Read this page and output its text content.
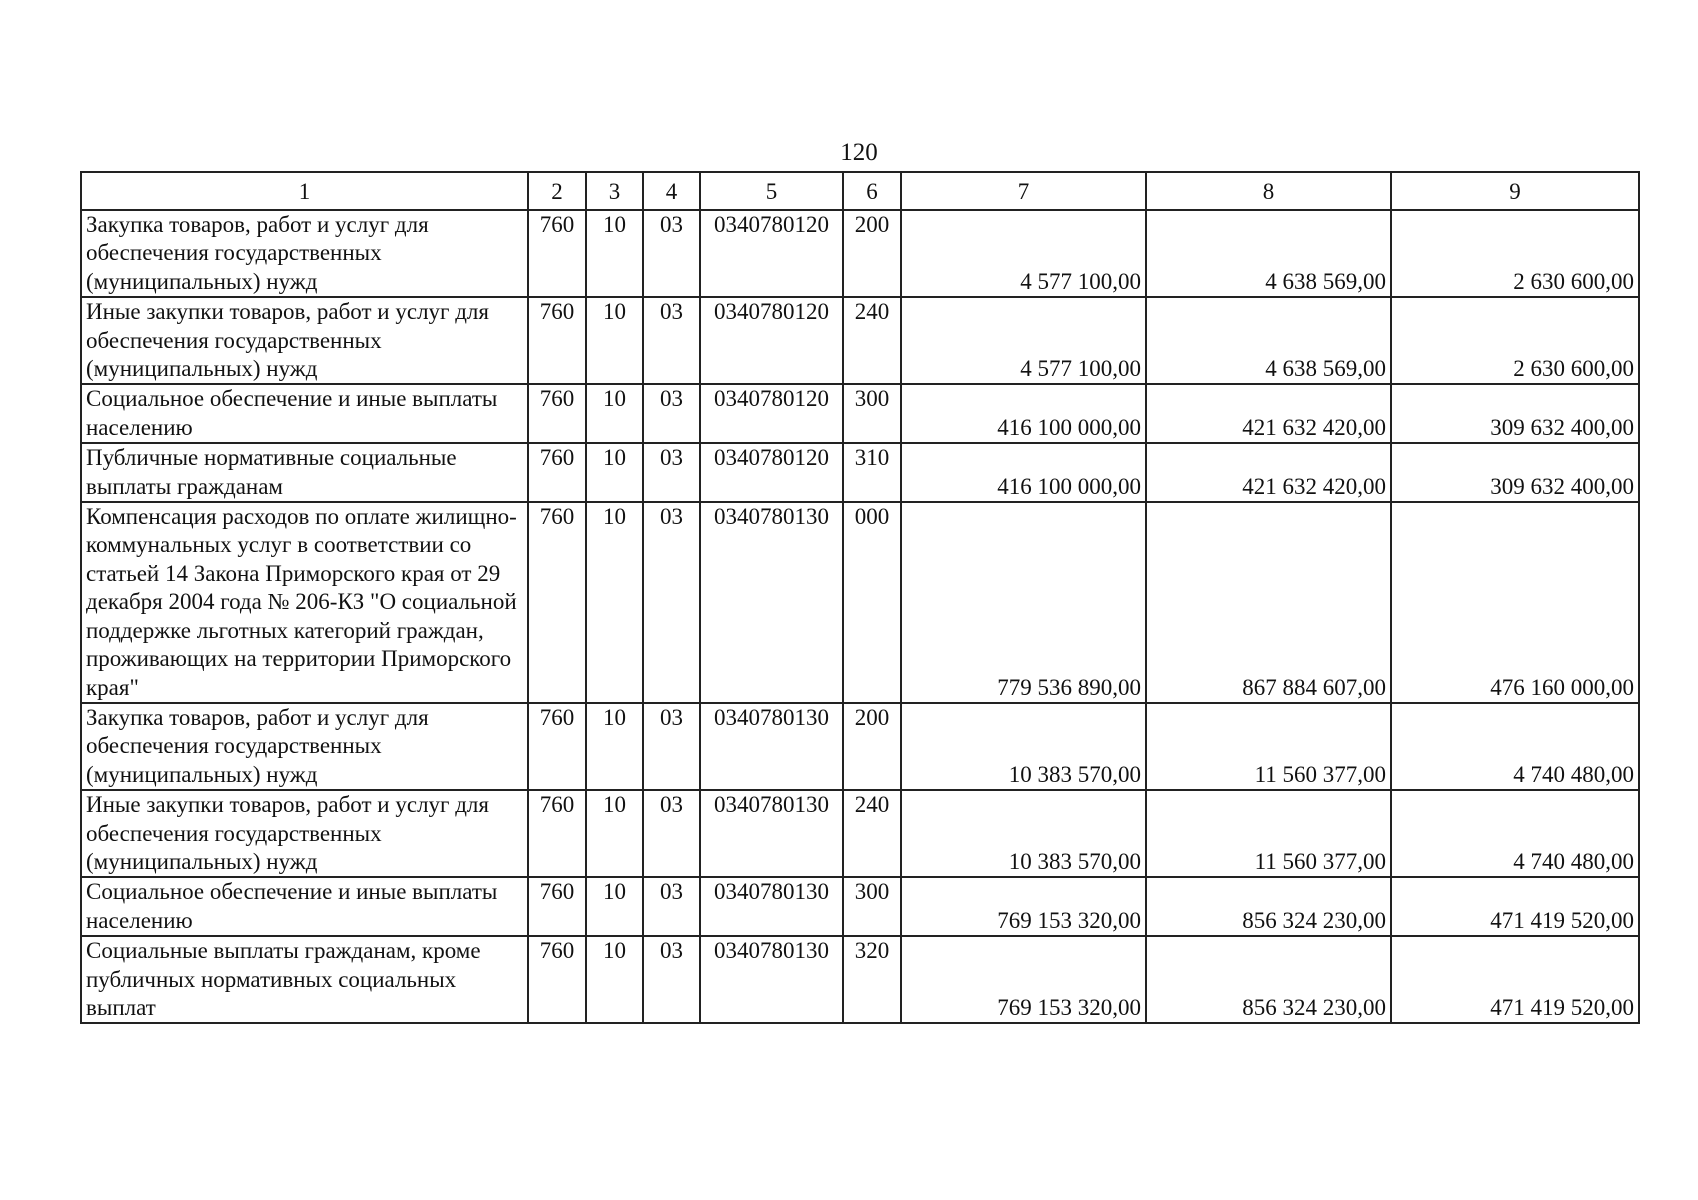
120
1	2	3	4	5	6	7	8	9
Закупка товаров, работ и услуг для обеспечения государственных (муниципальных) нужд	760	10	03	0340780120	200	4 577 100,00	4 638 569,00	2 630 600,00
Иные закупки товаров, работ и услуг для обеспечения государственных (муниципальных) нужд	760	10	03	0340780120	240	4 577 100,00	4 638 569,00	2 630 600,00
Социальное обеспечение и иные выплаты населению	760	10	03	0340780120	300	416 100 000,00	421 632 420,00	309 632 400,00
Публичные нормативные социальные выплаты гражданам	760	10	03	0340780120	310	416 100 000,00	421 632 420,00	309 632 400,00
Компенсация расходов по оплате жилищно-коммунальных услуг в соответствии со статьей 14 Закона Приморского края от 29 декабря 2004 года № 206-КЗ "О социальной поддержке льготных категорий граждан, проживающих на территории Приморского края"	760	10	03	0340780130	000	779 536 890,00	867 884 607,00	476 160 000,00
Закупка товаров, работ и услуг для обеспечения государственных (муниципальных) нужд	760	10	03	0340780130	200	10 383 570,00	11 560 377,00	4 740 480,00
Иные закупки товаров, работ и услуг для обеспечения государственных (муниципальных) нужд	760	10	03	0340780130	240	10 383 570,00	11 560 377,00	4 740 480,00
Социальное обеспечение и иные выплаты населению	760	10	03	0340780130	300	769 153 320,00	856 324 230,00	471 419 520,00
Социальные выплаты гражданам, кроме публичных нормативных социальных выплат	760	10	03	0340780130	320	769 153 320,00	856 324 230,00	471 419 520,00
